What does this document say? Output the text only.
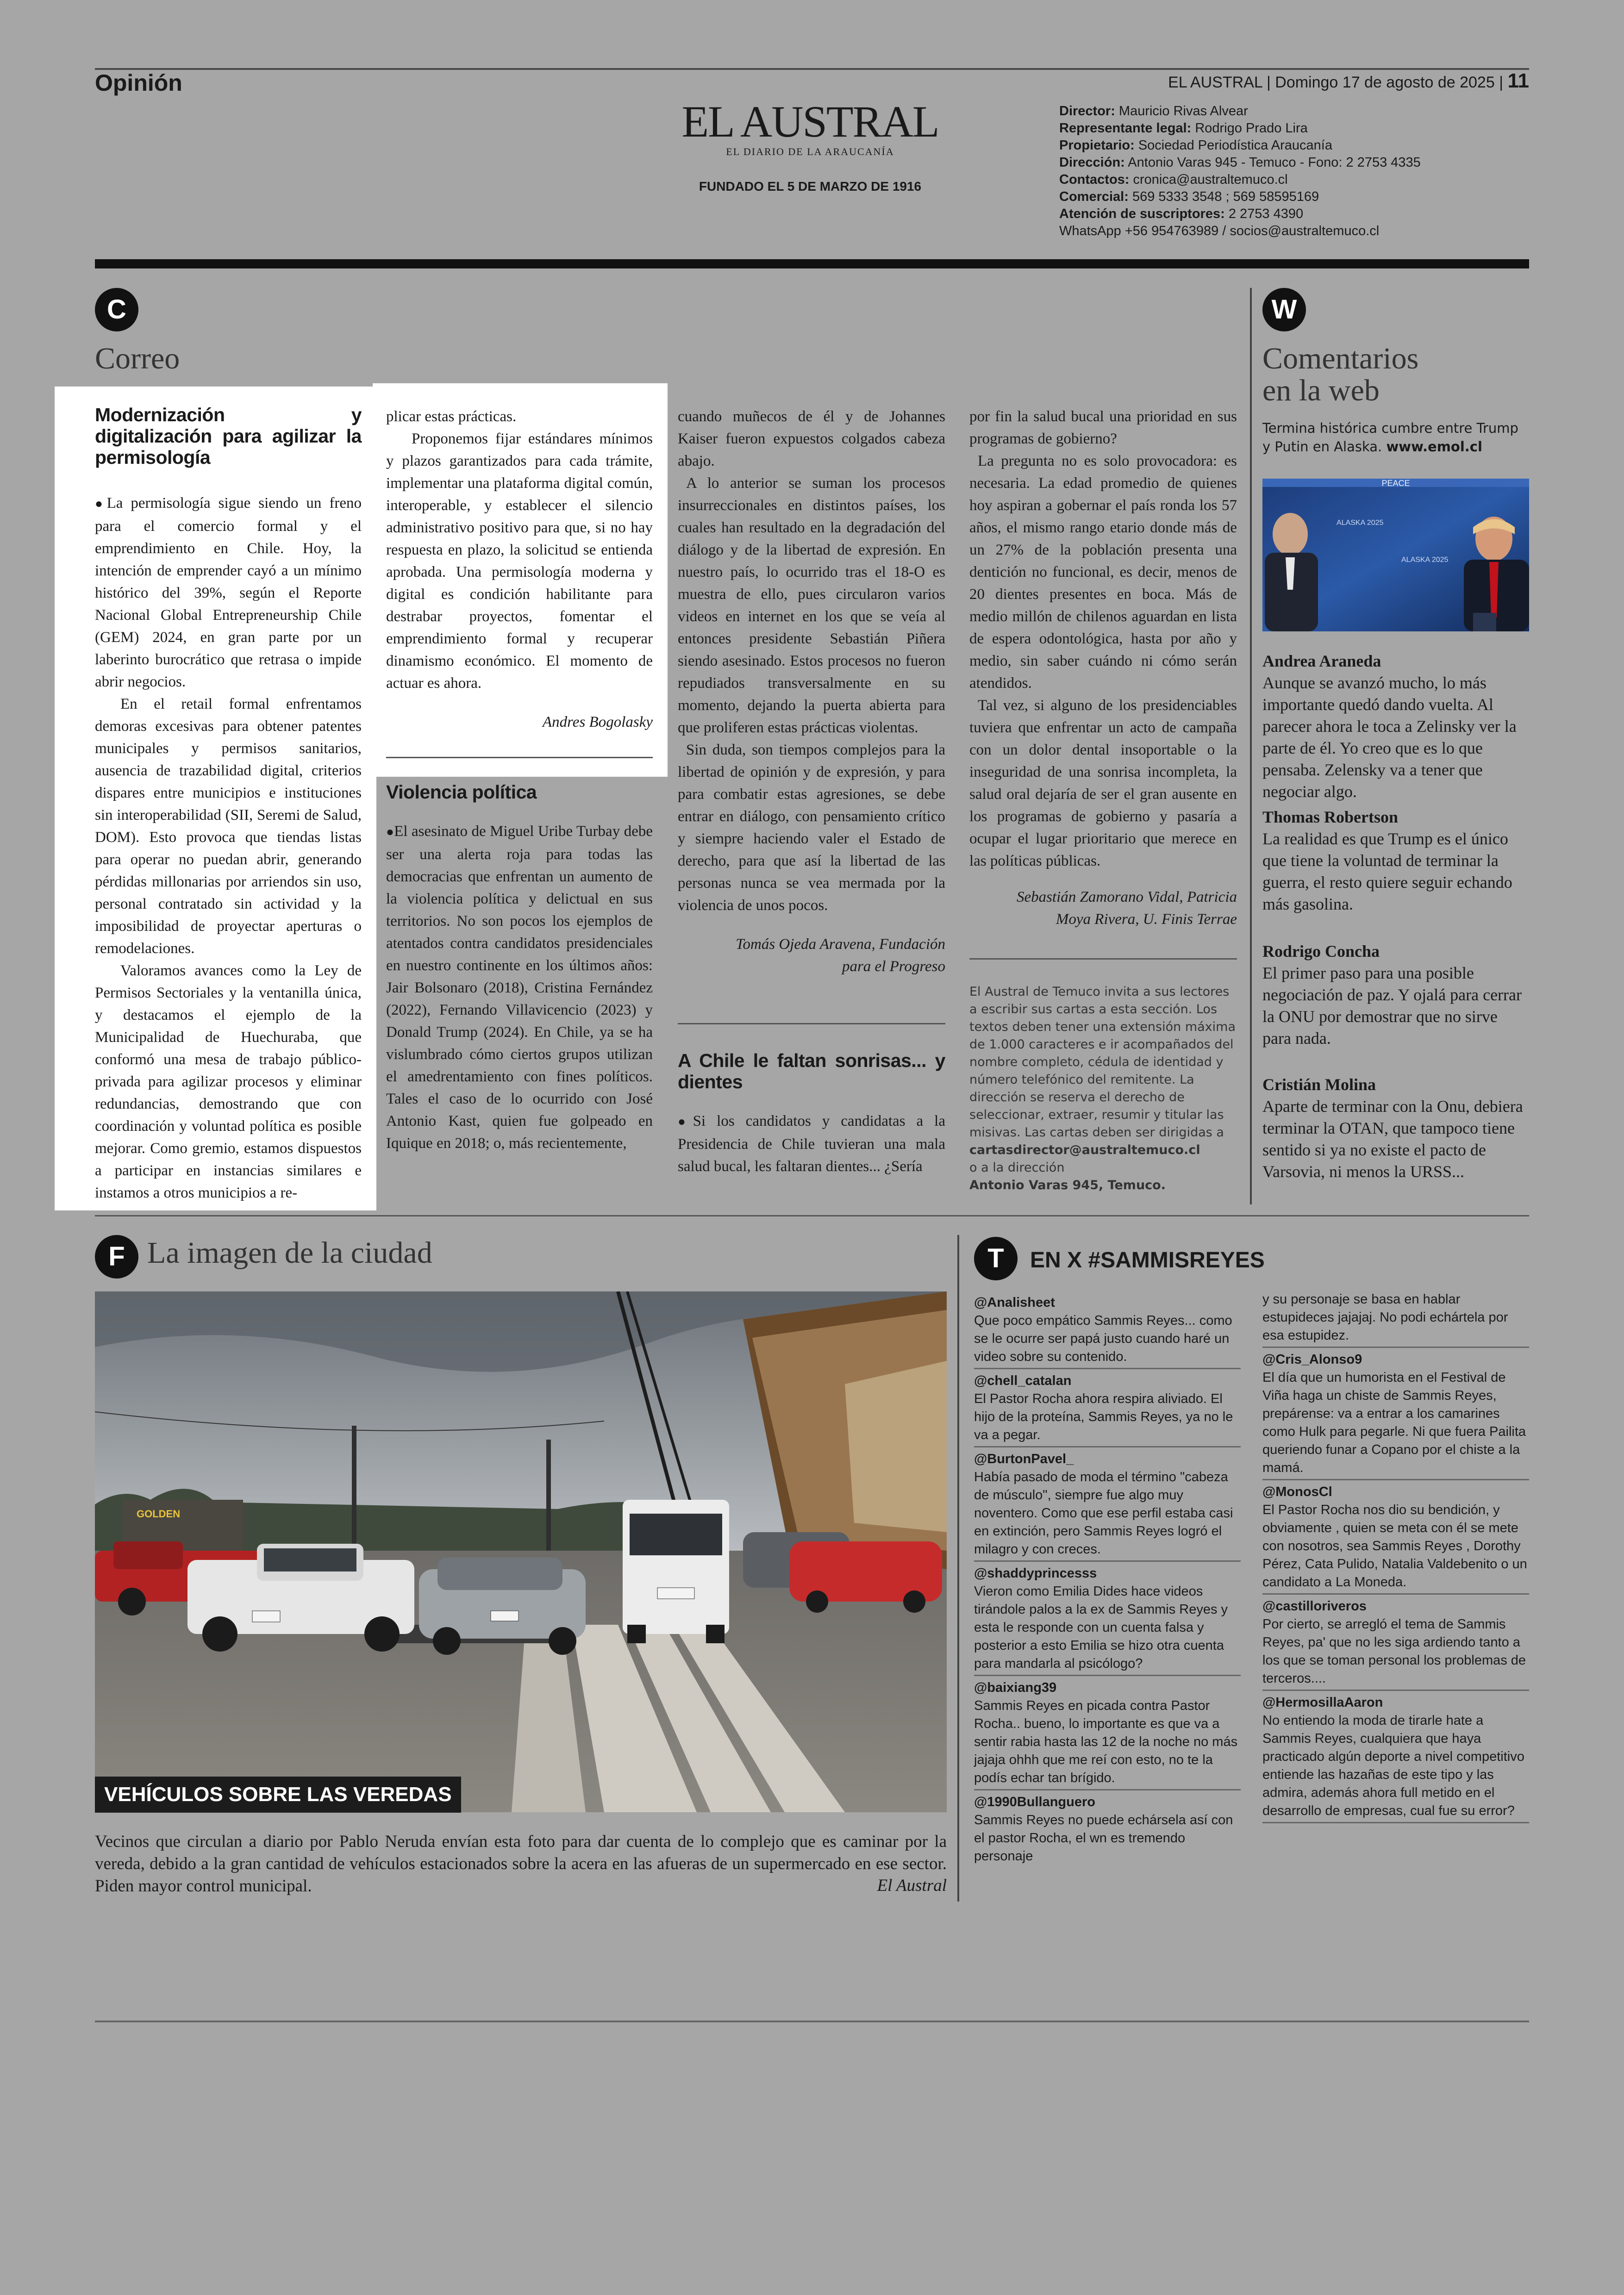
Opinión	EL AUSTRAL | Domingo 17 de agosto de 2025 | 11
EL AUSTRAL
EL DIARIO DE LA ARAUCANÍA
FUNDADO EL 5 DE MARZO DE 1916
Director: Mauricio Rivas Alvear
Representante legal: Rodrigo Prado Lira
Propietario: Sociedad Periodística Araucanía
Dirección: Antonio Varas 945 - Temuco - Fono: 2 2753 4335
Contactos: cronica@australtemuco.cl
Comercial: 569 5333 3548 ; 569 58595169
Atención de suscriptores: 2 2753 4390
WhatsApp +56 954763989 / socios@australtemuco.cl
C
Correo
Modernización y digitalización para agilizar la permisología

● La permisología sigue siendo un freno para el comercio formal y el emprendimiento en Chile. Hoy, la intención de emprender cayó a un mínimo histórico del 39%, según el Reporte Nacional Global Entrepreneurship Chile (GEM) 2024, en gran parte por un laberinto burocrático que retrasa o impide abrir negocios.

En el retail formal enfrentamos demoras excesivas para obtener patentes municipales y permisos sanitarios, ausencia de trazabilidad digital, criterios dispares entre municipios e instituciones sin interoperabilidad (SII, Seremi de Salud, DOM). Esto provoca que tiendas listas para operar no puedan abrir, generando pérdidas millonarias por arriendos sin uso, personal contratado sin actividad y la imposibilidad de proyectar aperturas o remodelaciones.

Valoramos avances como la Ley de Permisos Sectoriales y la ventanilla única, y destacamos el ejemplo de la Municipalidad de Huechuraba, que conformó una mesa de trabajo público-privada para agilizar procesos y eliminar redundancias, demostrando que con coordinación y voluntad política es posible mejorar. Como gremio, estamos dispuestos a participar en instancias similares e instamos a otros municipios a re-

plicar estas prácticas.

Proponemos fijar estándares mínimos y plazos garantizados para cada trámite, implementar una plataforma digital común, interoperable, y establecer el silencio administrativo positivo para que, si no hay respuesta en plazo, la solicitud se entienda aprobada. Una permisología moderna y digital es condición habilitante para destrabar proyectos, fomentar el emprendimiento formal y recuperar dinamismo económico. El momento de actuar es ahora.

Andres Bogolasky
Violencia política

● El asesinato de Miguel Uribe Turbay debe ser una alerta roja para todas las democracias que enfrentan un aumento de la violencia política y delictual en sus territorios. No son pocos los ejemplos de atentados contra candidatos presidenciales en nuestro continente en los últimos años: Jair Bolsonaro (2018), Cristina Fernández (2022), Fernando Villavicencio (2023) y Donald Trump (2024). En Chile, ya se ha vislumbrado cómo ciertos grupos utilizan el amedrentamiento con fines políticos. Tales el caso de lo ocurrido con José Antonio Kast, quien fue golpeado en Iquique en 2018; o, más recientemente,

cuando muñecos de él y de Johannes Kaiser fueron expuestos colgados cabeza abajo.

A lo anterior se suman los procesos insurreccionales en distintos países, los cuales han resultado en la degradación del diálogo y de la libertad de expresión. En nuestro país, lo ocurrido tras el 18-O es muestra de ello, pues circularon varios videos en internet en los que se veía al entonces presidente Sebastián Piñera siendo asesinado. Estos procesos no fueron repudiados transversalmente en su momento, dejando la puerta abierta para que proliferen estas prácticas violentas.

Sin duda, son tiempos complejos para la libertad de opinión y de expresión, y para para combatir estas agresiones, se debe entrar en diálogo, con pensamiento crítico y siempre haciendo valer el Estado de derecho, para que así la libertad de las personas nunca se vea mermada por la violencia de unos pocos.

Tomás Ojeda Aravena, Fundación
para el Progreso
A Chile le faltan sonrisas... y dientes

● Si los candidatos y candidatas a la Presidencia de Chile tuvieran una mala salud bucal, les faltaran dientes... ¿Sería

por fin la salud bucal una prioridad en sus programas de gobierno?

La pregunta no es solo provocadora: es necesaria. La edad promedio de quienes hoy aspiran a gobernar el país ronda los 57 años, el mismo rango etario donde más de un 27% de la población presenta una dentición no funcional, es decir, menos de 20 dientes presentes en boca. Más de medio millón de chilenos aguardan en lista de espera odontológica, hasta por año y medio, sin saber cuándo ni cómo serán atendidos.

Tal vez, si alguno de los presidenciables tuviera que enfrentar un acto de campaña con un dolor dental insoportable o la inseguridad de una sonrisa incompleta, la salud oral dejaría de ser el gran ausente en los programas de gobierno y pasaría a ocupar el lugar prioritario que merece en las políticas públicas.

Sebastián Zamorano Vidal, Patricia
Moya Rivera, U. Finis Terrae
El Austral de Temuco invita a sus lectores a escribir sus cartas a esta sección. Los textos deben tener una extensión máxima de 1.000 caracteres e ir acompañados del nombre completo, cédula de identidad y número telefónico del remitente. La dirección se reserva el derecho de seleccionar, extraer, resumir y titular las misivas. Las cartas deben ser dirigidas a
cartasdirector@australtemuco.cl
o a la dirección
Antonio Varas 945, Temuco.
W
Comentarios
en la web
Termina histórica cumbre entre Trump y Putin en Alaska. www.emol.cl
PEACE
ALASKA 2025
ALASKA 2025
Andrea Araneda
Aunque se avanzó mucho, lo más importante quedó dando vuelta. Al parecer ahora le toca a Zelinsky ver la parte de él. Yo creo que es lo que pensaba. Zelensky va a tener que negociar algo.
Thomas Robertson
La realidad es que Trump es el único que tiene la voluntad de terminar la guerra, el resto quiere seguir echando más gasolina.
Rodrigo Concha
El primer paso para una posible negociación de paz. Y ojalá para cerrar la ONU por demostrar que no sirve para nada.
Cristián Molina
Aparte de terminar con la Onu, debiera terminar la OTAN, que tampoco tiene sentido si ya no existe el pacto de Varsovia, ni menos la URSS...
F La imagen de la ciudad
GOLDEN
VEHÍCULOS SOBRE LAS VEREDAS
Vecinos que circulan a diario por Pablo Neruda envían esta foto para dar cuenta de lo complejo que es caminar por la vereda, debido a la gran cantidad de vehículos estacionados sobre la acera en las afueras de un supermercado en ese sector. Piden mayor control municipal.	El Austral
T	EN X #SAMMISREYES
@Analisheet
Que poco empático Sammis Reyes... como se le ocurre ser papá justo cuando haré un video sobre su contenido.
@chell_catalan
El Pastor Rocha ahora respira aliviado. El hijo de la proteína, Sammis Reyes, ya no le va a pegar.
@BurtonPavel_
Había pasado de moda el término "cabeza de músculo", siempre fue algo muy noventero. Como que ese perfil estaba casi en extinción, pero Sammis Reyes logró el milagro y con creces.
@shaddyprincesss
Vieron como Emilia Dides hace videos tirándole palos a la ex de Sammis Reyes y esta le responde con un cuenta falsa y posterior a esto Emilia se hizo otra cuenta para mandarla al psicólogo?
@baixiang39
Sammis Reyes en picada contra Pastor Rocha.. bueno, lo importante es que va a sentir rabia hasta las 12 de la noche no más jajaja ohhh que me reí con esto, no te la podís echar tan brígido.
@1990Bullanguero
Sammis Reyes no puede echársela así con el pastor Rocha, el wn es tremendo personaje
y su personaje se basa en hablar estupideces jajajaj. No podi echártela por esa estupidez.
@Cris_Alonso9
El día que un humorista en el Festival de Viña haga un chiste de Sammis Reyes, prepárense: va a entrar a los camarines como Hulk para pegarle. Ni que fuera Pailita queriendo funar a Copano por el chiste a la mamá.
@MonosCl
El Pastor Rocha nos dio su bendición, y obviamente , quien se meta con él se mete con nosotros, sea Sammis Reyes , Dorothy Pérez, Cata Pulido, Natalia Valdebenito o un candidato a La Moneda.
@castilloriveros
Por cierto, se arregló el tema de Sammis Reyes, pa' que no les siga ardiendo tanto a los que se toman personal los problemas de terceros....
@HermosillaAaron
No entiendo la moda de tirarle hate a Sammis Reyes, cualquiera que haya practicado algún deporte a nivel competitivo entiende las hazañas de este tipo y las admira, además ahora full metido en el desarrollo de empresas, cual fue su error?
